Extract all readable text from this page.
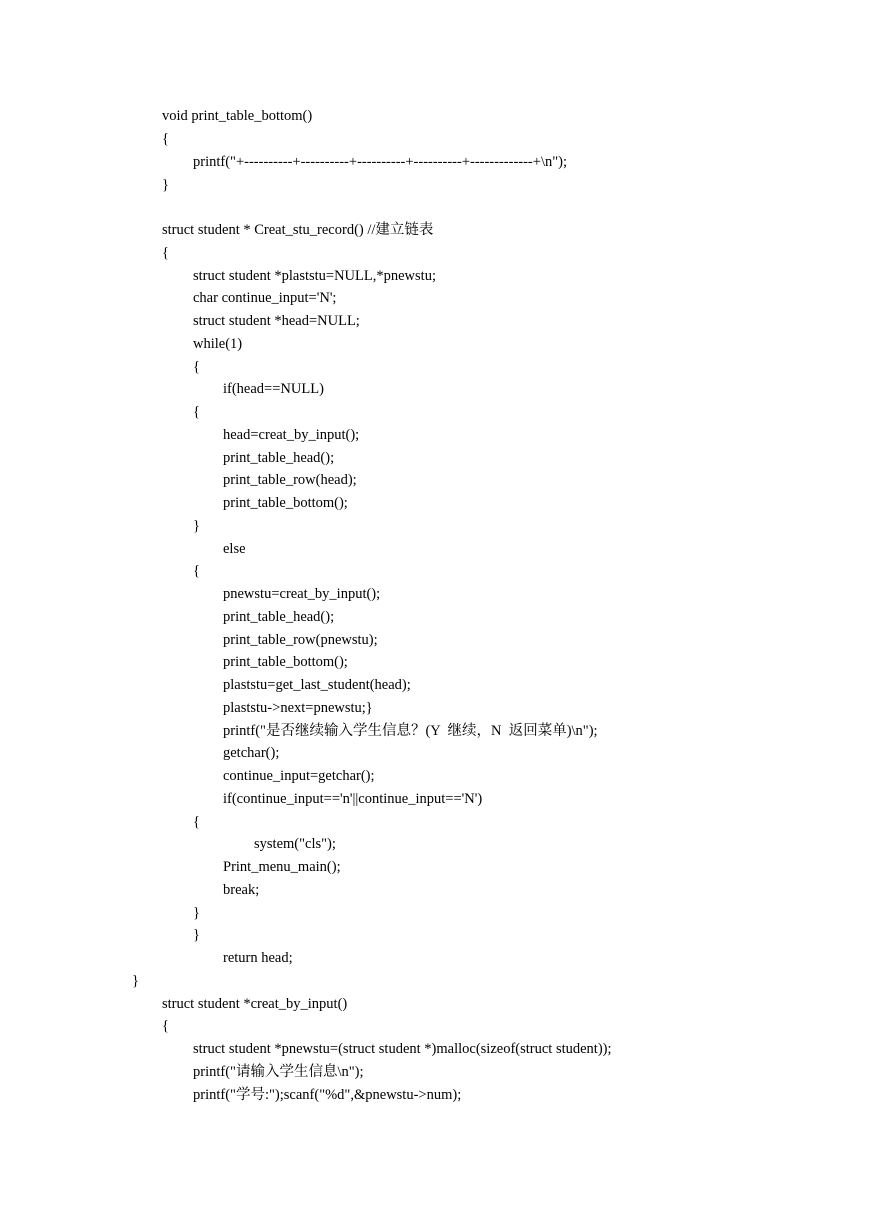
void print_table_bottom()
{
printf("+----------+----------+----------+----------+-------------+\n");
}
struct student * Creat_stu_record() //建立链表
{
struct student *plaststu=NULL,*pnewstu;
char continue_input='N';
struct student *head=NULL;
while(1)
{
if(head==NULL)
{
head=creat_by_input();
print_table_head();
print_table_row(head);
print_table_bottom();
}
else
{
pnewstu=creat_by_input();
print_table_head();
print_table_row(pnewstu);
print_table_bottom();
plaststu=get_last_student(head);
plaststu->next=pnewstu;}
printf("是否继续输入学生信息？(Y  继续，N  返回菜单)\n");
getchar();
continue_input=getchar();
if(continue_input=='n'||continue_input=='N')
{
system("cls");
Print_menu_main();
break;
}
}
return head;
}
struct student *creat_by_input()
{
struct student *pnewstu=(struct student *)malloc(sizeof(struct student));
printf("请输入学生信息\n");
printf("学号:");scanf("%d",&pnewstu->num);
